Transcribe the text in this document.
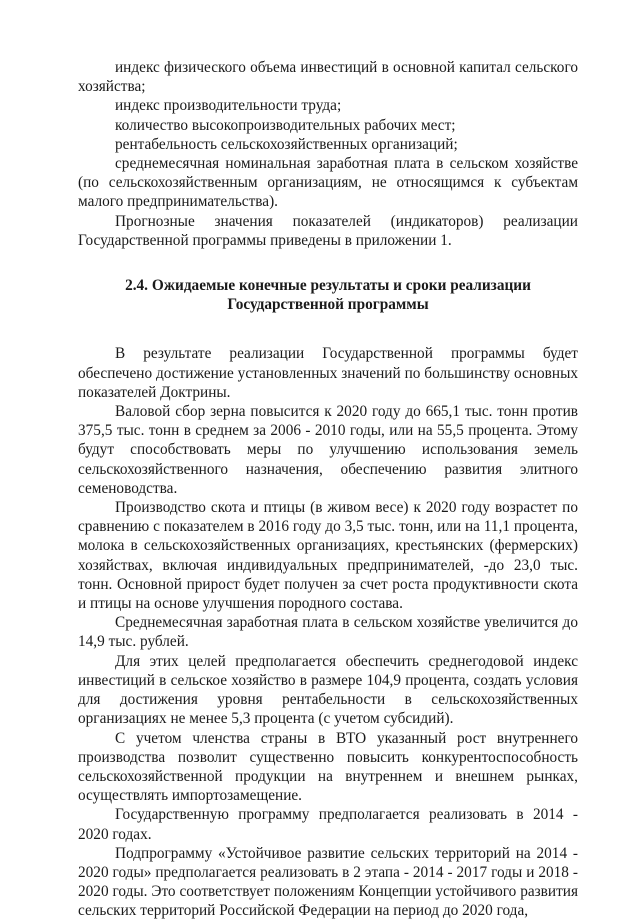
индекс физического объема инвестиций в основной капитал сельского хозяйства;

индекс производительности труда;

количество высокопроизводительных рабочих мест;

рентабельность сельскохозяйственных организаций;

среднемесячная номинальная заработная плата в сельском хозяйстве (по сельскохозяйственным организациям, не относящимся к субъектам малого предпринимательства).

Прогнозные значения показателей (индикаторов) реализации Государственной программы приведены в приложении 1.

2.4. Ожидаемые конечные результаты и сроки реализации Государственной программы

В результате реализации Государственной программы будет обеспечено достижение установленных значений по большинству основных показателей Доктрины.

Валовой сбор зерна повысится к 2020 году до 665,1 тыс. тонн против 375,5 тыс. тонн в среднем за 2006 - 2010 годы, или на 55,5 процента. Этому будут способствовать меры по улучшению использования земель сельскохозяйственного назначения, обеспечению развития элитного семеноводства.

Производство скота и птицы (в живом весе) к 2020 году возрастет по сравнению с показателем в 2016 году до 3,5 тыс. тонн, или на 11,1 процента, молока в сельскохозяйственных организациях, крестьянских (фермерских) хозяйствах, включая индивидуальных предпринимателей, -до 23,0 тыс. тонн. Основной прирост будет получен за счет роста продуктивности скота и птицы на основе улучшения породного состава.

Среднемесячная заработная плата в сельском хозяйстве увеличится до 14,9 тыс. рублей.

Для этих целей предполагается обеспечить среднегодовой индекс инвестиций в сельское хозяйство в размере 104,9 процента, создать условия для достижения уровня рентабельности в сельскохозяйственных организациях не менее 5,3 процента (с учетом субсидий).

С учетом членства страны в ВТО указанный рост внутреннего производства позволит существенно повысить конкурентоспособность сельскохозяйственной продукции на внутреннем и внешнем рынках, осуществлять импортозамещение.

Государственную программу предполагается реализовать в 2014 - 2020 годах.

Подпрограмму «Устойчивое развитие сельских территорий на 2014 - 2020 годы» предполагается реализовать в 2 этапа - 2014 - 2017 годы и 2018 - 2020 годы. Это соответствует положениям Концепции устойчивого развития сельских территорий Российской Федерации на период до 2020 года,
